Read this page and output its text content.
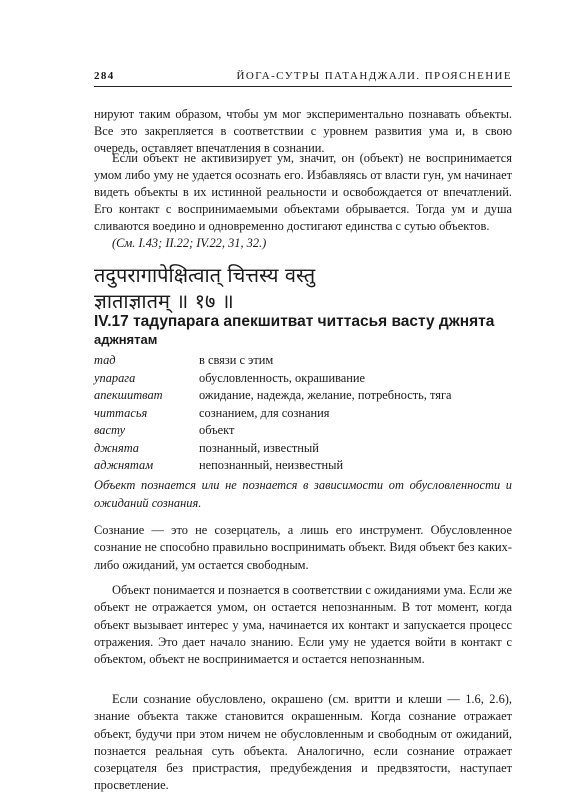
284	ЙОГА-СУТРЫ ПАТАНДЖАЛИ. ПРОЯСНЕНИЕ
нируют таким образом, чтобы ум мог экспериментально познавать объекты. Все это закрепляется в соответствии с уровнем развития ума и, в свою очередь, оставляет впечатления в сознании.
Если объект не активизирует ум, значит, он (объект) не воспринимается умом либо уму не удается осознать его. Избавляясь от власти гун, ум начинает видеть объекты в их истинной реальности и освобождается от впечатлений. Его контакт с воспринимаемыми объектами обрывается. Тогда ум и душа сливаются воедино и одновременно достигают единства с сутью объектов.
(См. I.43; II.22; IV.22, 31, 32.)
तदुपरागापेक्षित्वात् चित्तस्य वस्तु
ज्ञाताज्ञातम् ॥ १७ ॥
IV.17 тадупарага апекшитват читтасья васту джнята
аджнятам
тад	в связи с этим
упарага	обусловленность, окрашивание
апекшитват	ожидание, надежда, желание, потребность, тяга
читтасья	сознанием, для сознания
васту	объект
джнята	познанный, известный
аджнятам	непознанный, неизвестный
Объект познается или не познается в зависимости от обусловленности и ожиданий сознания.
Сознание — это не созерцатель, а лишь его инструмент. Обусловленное сознание не способно правильно воспринимать объект. Видя объект без каких-либо ожиданий, ум остается свободным.
Объект понимается и познается в соответствии с ожиданиями ума. Если же объект не отражается умом, он остается непознанным. В тот момент, когда объект вызывает интерес у ума, начинается их контакт и запускается процесс отражения. Это дает начало знанию. Если уму не удается войти в контакт с объектом, объект не воспринимается и остается непознанным.
Если сознание обусловлено, окрашено (см. вритти и клеши — 1.6, 2.6), знание объекта также становится окрашенным. Когда сознание отражает объект, будучи при этом ничем не обусловленным и свободным от ожиданий, познается реальная суть объекта. Аналогично, если сознание отражает созерцателя без пристрастия, предубеждения и предвзятости, наступает просветление.
